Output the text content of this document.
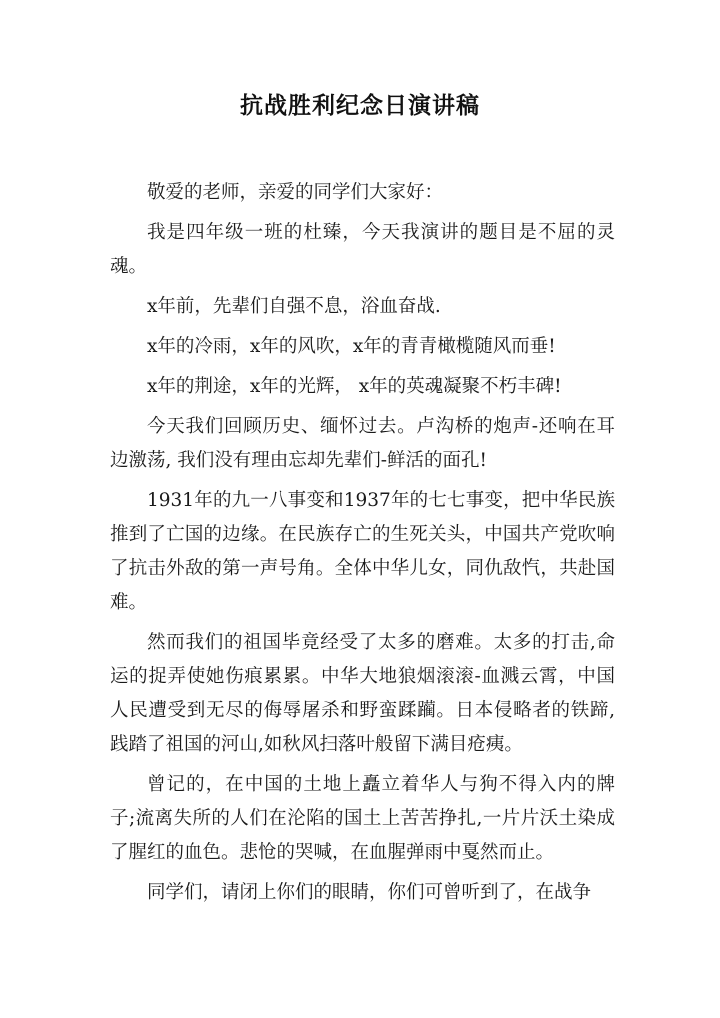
抗战胜利纪念日演讲稿

敬爱的老师，亲爱的同学们大家好：

我是四年级一班的杜臻，今天我演讲的题目是不屈的灵魂。

x年前，先辈们自强不息，浴血奋战.

x年的冷雨，x年的风吹，x年的青青橄榄随风而垂!

x年的荆途，x年的光辉， x年的英魂凝聚不朽丰碑!

今天我们回顾历史、缅怀过去。卢沟桥的炮声-还响在耳边激荡, 我们没有理由忘却先辈们-鲜活的面孔!

1931年的九一八事变和1937年的七七事变，把中华民族推到了亡国的边缘。在民族存亡的生死关头，中国共产党吹响了抗击外敌的第一声号角。全体中华儿女，同仇敌忾，共赴国难。

然而我们的祖国毕竟经受了太多的磨难。太多的打击,命运的捉弄使她伤痕累累。中华大地狼烟滚滚-血溅云霄，中国人民遭受到无尽的侮辱屠杀和野蛮蹂躏。日本侵略者的铁蹄,践踏了祖国的河山,如秋风扫落叶般留下满目疮痍。

曾记的，在中国的土地上矗立着华人与狗不得入内的牌子;流离失所的人们在沦陷的国土上苦苦挣扎,一片片沃土染成了腥红的血色。悲怆的哭喊，在血腥弹雨中戛然而止。

同学们，请闭上你们的眼睛，你们可曾听到了，在战争
